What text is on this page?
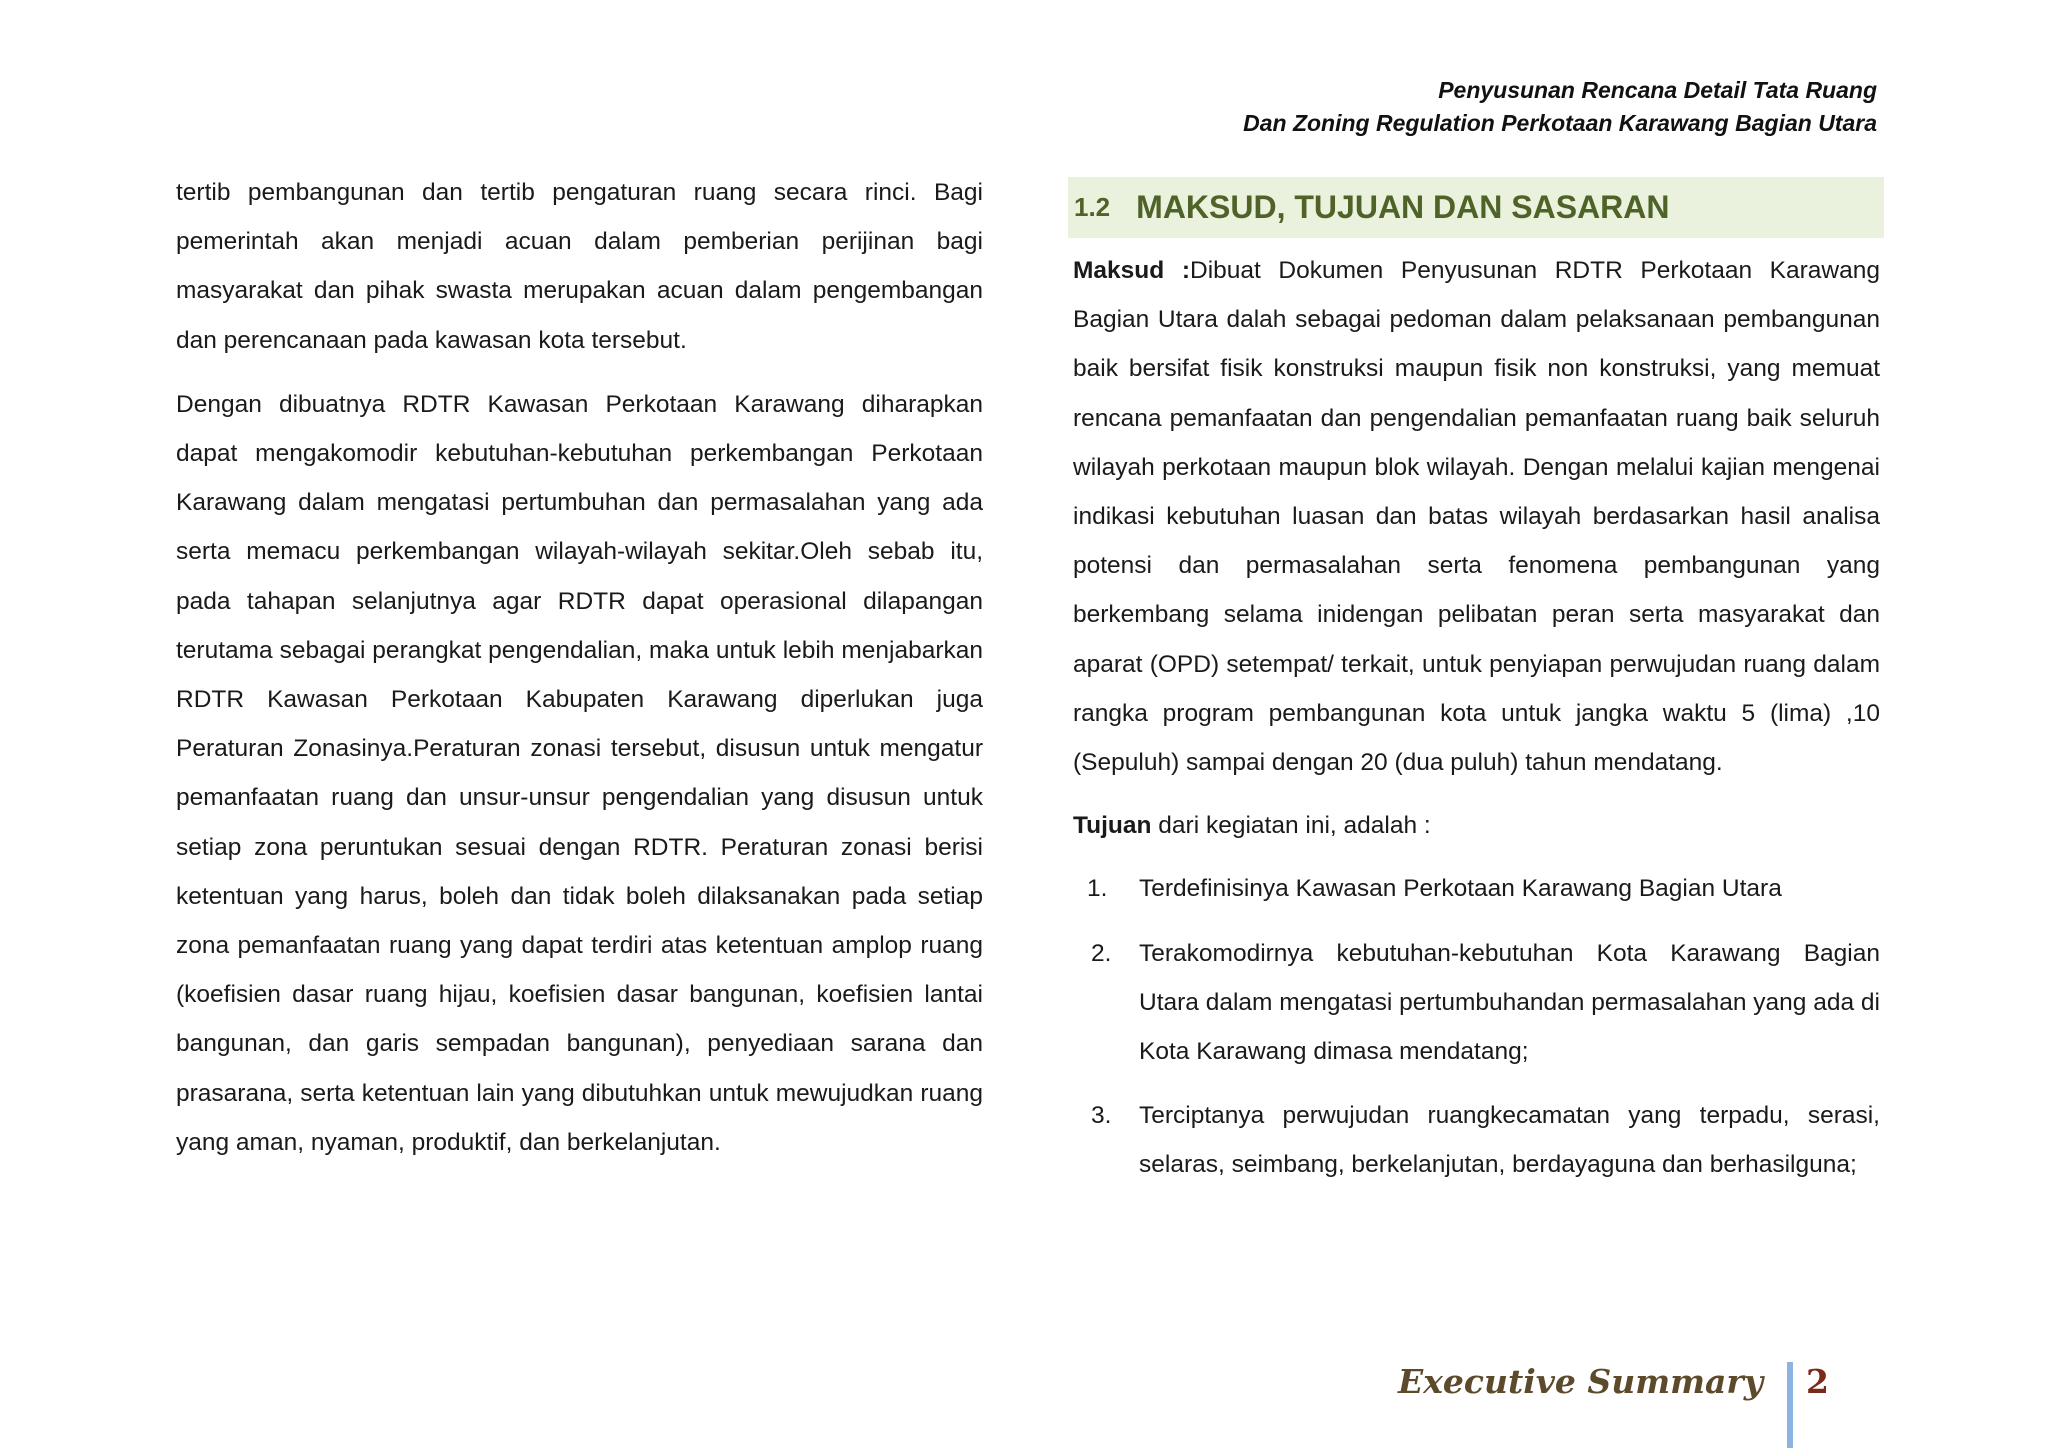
Penyusunan Rencana Detail Tata Ruang
Dan Zoning Regulation Perkotaan Karawang Bagian Utara

tertib pembangunan dan tertib pengaturan ruang secara rinci. Bagi pemerintah akan menjadi acuan dalam pemberian perijinan bagi masyarakat dan pihak swasta merupakan acuan dalam pengembangan dan perencanaan pada kawasan kota tersebut.

Dengan dibuatnya RDTR Kawasan Perkotaan Karawang diharapkan dapat mengakomodir kebutuhan-kebutuhan perkembangan Perkotaan Karawang dalam mengatasi pertumbuhan dan permasalahan yang ada serta memacu perkembangan wilayah-wilayah sekitar.Oleh sebab itu, pada tahapan selanjutnya agar RDTR dapat operasional dilapangan terutama sebagai perangkat pengendalian, maka untuk lebih menjabarkan RDTR Kawasan Perkotaan Kabupaten Karawang diperlukan juga Peraturan Zonasinya.Peraturan zonasi tersebut, disusun untuk mengatur pemanfaatan ruang dan unsur-unsur pengendalian yang disusun untuk setiap zona peruntukan sesuai dengan RDTR. Peraturan zonasi berisi ketentuan yang harus, boleh dan tidak boleh dilaksanakan pada setiap zona pemanfaatan ruang yang dapat terdiri atas ketentuan amplop ruang (koefisien dasar ruang hijau, koefisien dasar bangunan, koefisien lantai bangunan, dan garis sempadan bangunan), penyediaan sarana dan prasarana, serta ketentuan lain yang dibutuhkan untuk mewujudkan ruang yang aman, nyaman, produktif, dan berkelanjutan.

1.2 MAKSUD, TUJUAN DAN SASARAN

Maksud :Dibuat Dokumen Penyusunan RDTR Perkotaan Karawang Bagian Utara dalah sebagai pedoman dalam pelaksanaan pembangunan baik bersifat fisik konstruksi maupun fisik non konstruksi, yang memuat rencana pemanfaatan dan pengendalian pemanfaatan ruang baik seluruh wilayah perkotaan maupun blok wilayah. Dengan melalui kajian mengenai indikasi kebutuhan luasan dan batas wilayah berdasarkan hasil analisa potensi dan permasalahan serta fenomena pembangunan yang berkembang selama inidengan pelibatan peran serta masyarakat dan aparat (OPD) setempat/ terkait, untuk penyiapan perwujudan ruang dalam rangka program pembangunan kota untuk jangka waktu 5 (lima) ,10 (Sepuluh) sampai dengan 20 (dua puluh) tahun mendatang.

Tujuan dari kegiatan ini, adalah :

1. Terdefinisinya Kawasan Perkotaan Karawang Bagian Utara
2. Terakomodirnya kebutuhan-kebutuhan Kota Karawang Bagian Utara dalam mengatasi pertumbuhandan permasalahan yang ada di Kota Karawang dimasa mendatang;
3. Terciptanya perwujudan ruangkecamatan yang terpadu, serasi, selaras, seimbang, berkelanjutan, berdayaguna dan berhasilguna;
Executive Summary 2
